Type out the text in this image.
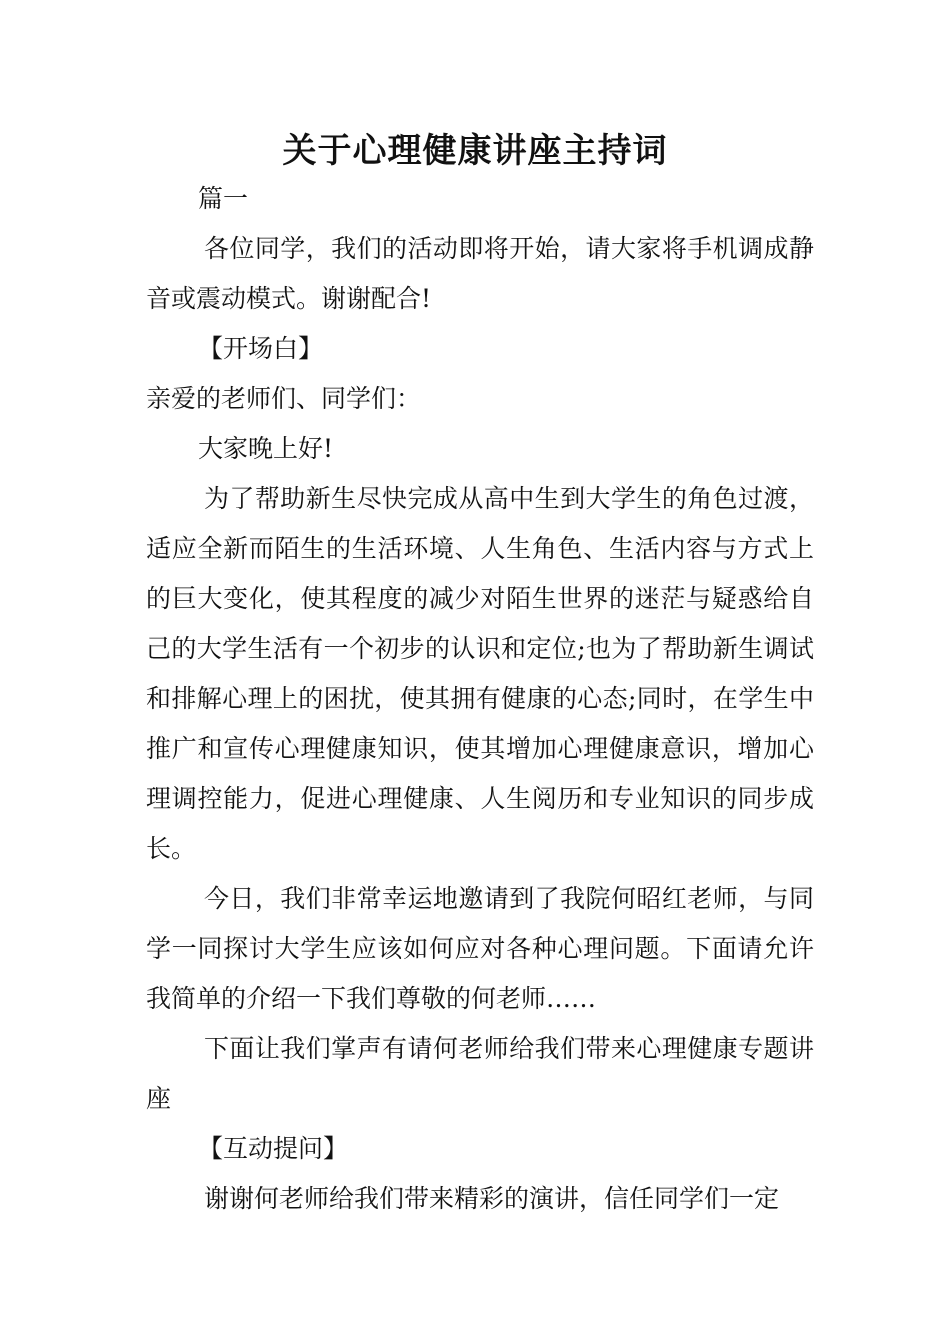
关于心理健康讲座主持词

篇一

各位同学，我们的活动即将开始，请大家将手机调成静音或震动模式。谢谢配合!

【开场白】

亲爱的老师们、同学们：

大家晚上好!

为了帮助新生尽快完成从高中生到大学生的角色过渡，适应全新而陌生的生活环境、人生角色、生活内容与方式上的巨大变化，使其程度的减少对陌生世界的迷茫与疑惑给自己的大学生活有一个初步的认识和定位;也为了帮助新生调试和排解心理上的困扰，使其拥有健康的心态;同时，在学生中推广和宣传心理健康知识，使其增加心理健康意识，增加心理调控能力，促进心理健康、人生阅历和专业知识的同步成长。

今日，我们非常幸运地邀请到了我院何昭红老师，与同学一同探讨大学生应该如何应对各种心理问题。下面请允许我简单的介绍一下我们尊敬的何老师……

下面让我们掌声有请何老师给我们带来心理健康专题讲座

【互动提问】

谢谢何老师给我们带来精彩的演讲，信任同学们一定
